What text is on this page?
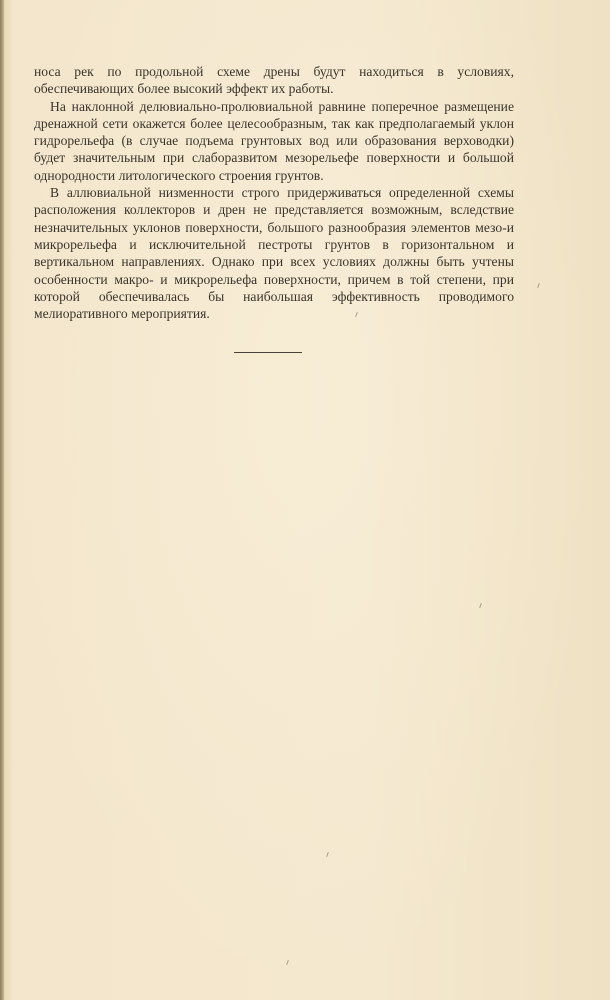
носа рек по продольной схеме дрены будут находиться в условиях, обеспечивающих более высокий эффект их работы.

На наклонной делювиально-пролювиальной равнине поперечное размещение дренажной сети окажется более целесообразным, так как предполагаемый уклон гидрорельефа (в случае подъема грунтовых вод или образования верховодки) будет значительным при слаборазвитом мезорельефе поверхности и большой однородности литологического строения грунтов.

В аллювиальной низменности строго придерживаться определенной схемы расположения коллекторов и дрен не представляется возможным, вследствие незначительных уклонов поверхности, большого разнообразия элементов мезо-и микрорельефа и исключительной пестроты грунтов в горизонтальном и вертикальном направлениях. Однако при всех условиях должны быть учтены особенности макро- и микрорельефа поверхности, причем в той степени, при которой обеспечивалась бы наибольшая эффективность проводимого мелиоративного мероприятия.
